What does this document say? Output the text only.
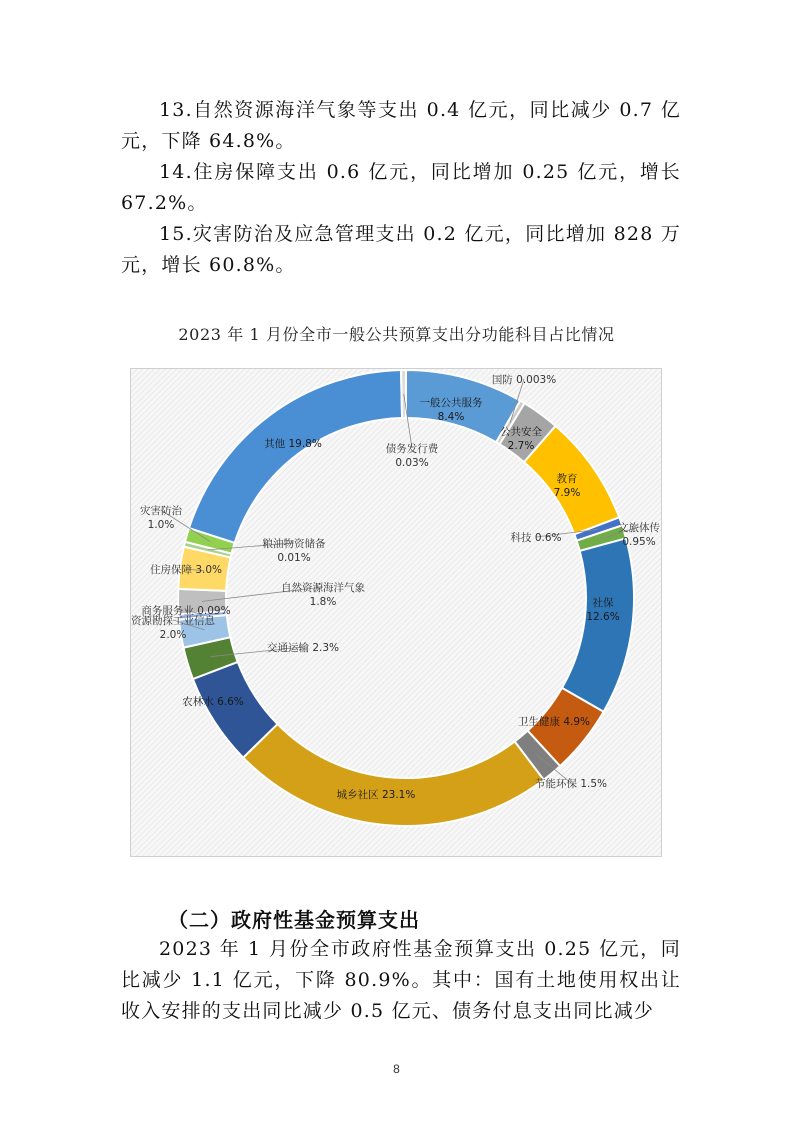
13.自然资源海洋气象等支出 0.4 亿元，同比减少 0.7 亿元，下降 64.8%。

14.住房保障支出 0.6 亿元，同比增加 0.25 亿元，增长 67.2%。

15.灾害防治及应急管理支出 0.2 亿元，同比增加 828 万元，增长 60.8%。

2023 年 1 月份全市一般公共预算支出分功能科目占比情况
一般公共服务
8.4%
国防 0.003%
公共安全
2.7%
教育
7.9%
科技 0.6%
文旅体传
0.95%
社保
12.6%
卫生健康 4.9%
节能环保 1.5%
城乡社区 23.1%
农林水 6.6%
交通运输 2.3%
资源勘探工业信息
2.0%
商务服务业 0.09%
自然资源海洋气象
1.8%
住房保障 3.0%
粮油物资储备
0.01%
灾害防治
1.0%
其他 19.8%	债务发行费
0.03%
（二）政府性基金预算支出

2023 年 1 月份全市政府性基金预算支出 0.25 亿元，同比减少 1.1 亿元，下降 80.9%。其中：国有土地使用权出让收入安排的支出同比减少 0.5 亿元、债务付息支出同比减少

8
